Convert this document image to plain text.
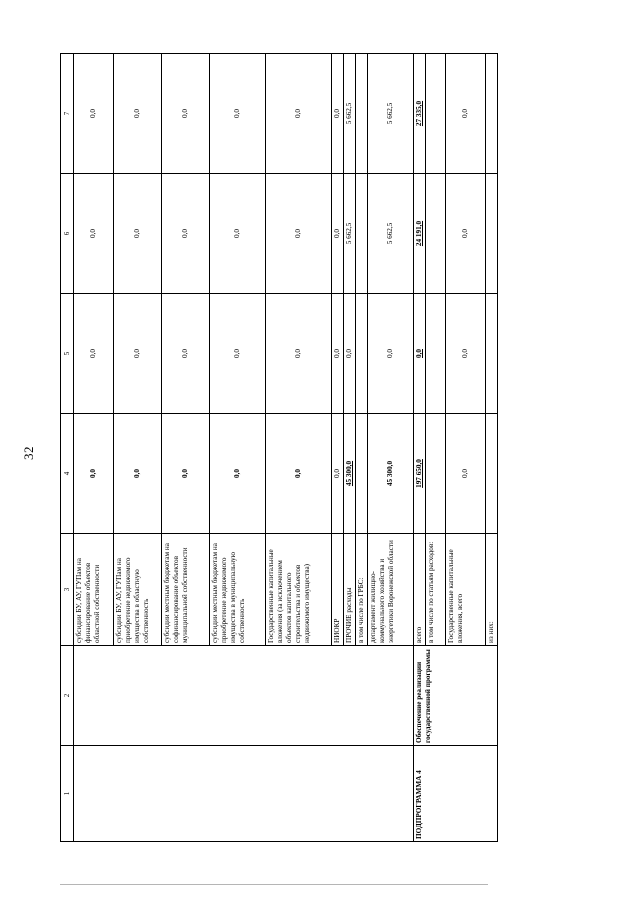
32
1	2	3	4	5	6	7
		субсидии БУ, АУ, ГУПам на финансирование объектов областной собственности	0,0	0,0	0,0	0,0
		субсидии БУ, АУ, ГУПам на приобретение недвижимого имущества в областную собственность	0,0	0,0	0,0	0,0
		субсидии местным бюджетам на софинансирование объектов муниципальной собственности	0,0	0,0	0,0	0,0
		субсидии местным бюджетам на приобретение недвижимого имущества в муниципальную собственность	0,0	0,0	0,0	0,0
		Государственные капитальные вложения (за исключением объектов капитального строительства и объектов недвижимого имущества)	0,0	0,0	0,0	0,0
		НИОКР	0,0	0,0	0,0	0,0
		ПРОЧИЕ расходы	45 300,0	0,0	5 662,5	5 662,5
		в том числе по ГРБС:				
		департамент жилищно-коммунального хозяйства и энергетики Воронежской области	45 300,0	0,0	5 662,5	5 662,5
ПОДПРОГРАММА 4	Обеспечение реализации государственной программы	всего	197 650,0	0,0	24 191,0	27 335,0
		в том числе по статьям расходов:				
		Государственные капитальные вложения, всего	0,0	0,0	0,0	0,0
		из них:				
